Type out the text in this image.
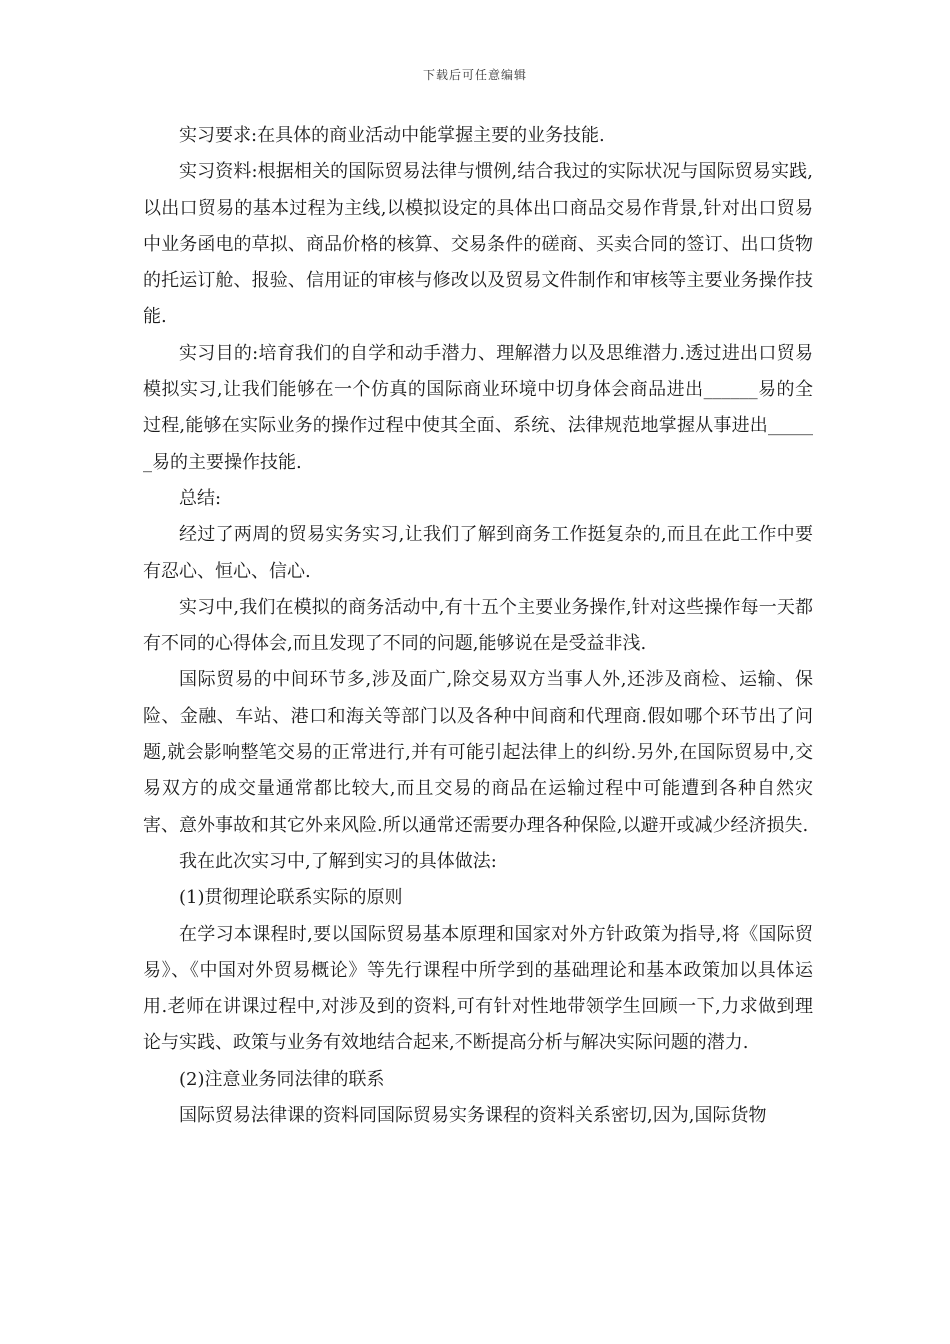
下载后可任意编辑

实习要求:在具体的商业活动中能掌握主要的业务技能.

实习资料:根据相关的国际贸易法律与惯例,结合我过的实际状况与国际贸易实践,以出口贸易的基本过程为主线,以模拟设定的具体出口商品交易作背景,针对出口贸易中业务函电的草拟、商品价格的核算、交易条件的磋商、买卖合同的签订、出口货物的托运订舱、报验、信用证的审核与修改以及贸易文件制作和审核等主要业务操作技能.

实习目的:培育我们的自学和动手潜力、理解潜力以及思维潜力.透过进出口贸易模拟实习,让我们能够在一个仿真的国际商业环境中切身体会商品进出______易的全过程,能够在实际业务的操作过程中使其全面、系统、法律规范地掌握从事进出______易的主要操作技能.

总结:

经过了两周的贸易实务实习,让我们了解到商务工作挺复杂的,而且在此工作中要有忍心、恒心、信心.

实习中,我们在模拟的商务活动中,有十五个主要业务操作,针对这些操作每一天都有不同的心得体会,而且发现了不同的问题,能够说在是受益非浅.

国际贸易的中间环节多,涉及面广,除交易双方当事人外,还涉及商检、运输、保险、金融、车站、港口和海关等部门以及各种中间商和代理商.假如哪个环节出了问题,就会影响整笔交易的正常进行,并有可能引起法律上的纠纷.另外,在国际贸易中,交易双方的成交量通常都比较大,而且交易的商品在运输过程中可能遭到各种自然灾害、意外事故和其它外来风险.所以通常还需要办理各种保险,以避开或减少经济损失.

我在此次实习中,了解到实习的具体做法:

(1)贯彻理论联系实际的原则

在学习本课程时,要以国际贸易基本原理和国家对外方针政策为指导,将《国际贸易》、《中国对外贸易概论》等先行课程中所学到的基础理论和基本政策加以具体运用.老师在讲课过程中,对涉及到的资料,可有针对性地带领学生回顾一下,力求做到理论与实践、政策与业务有效地结合起来,不断提高分析与解决实际问题的潜力.

(2)注意业务同法律的联系

国际贸易法律课的资料同国际贸易实务课程的资料关系密切,因为,国际货物
